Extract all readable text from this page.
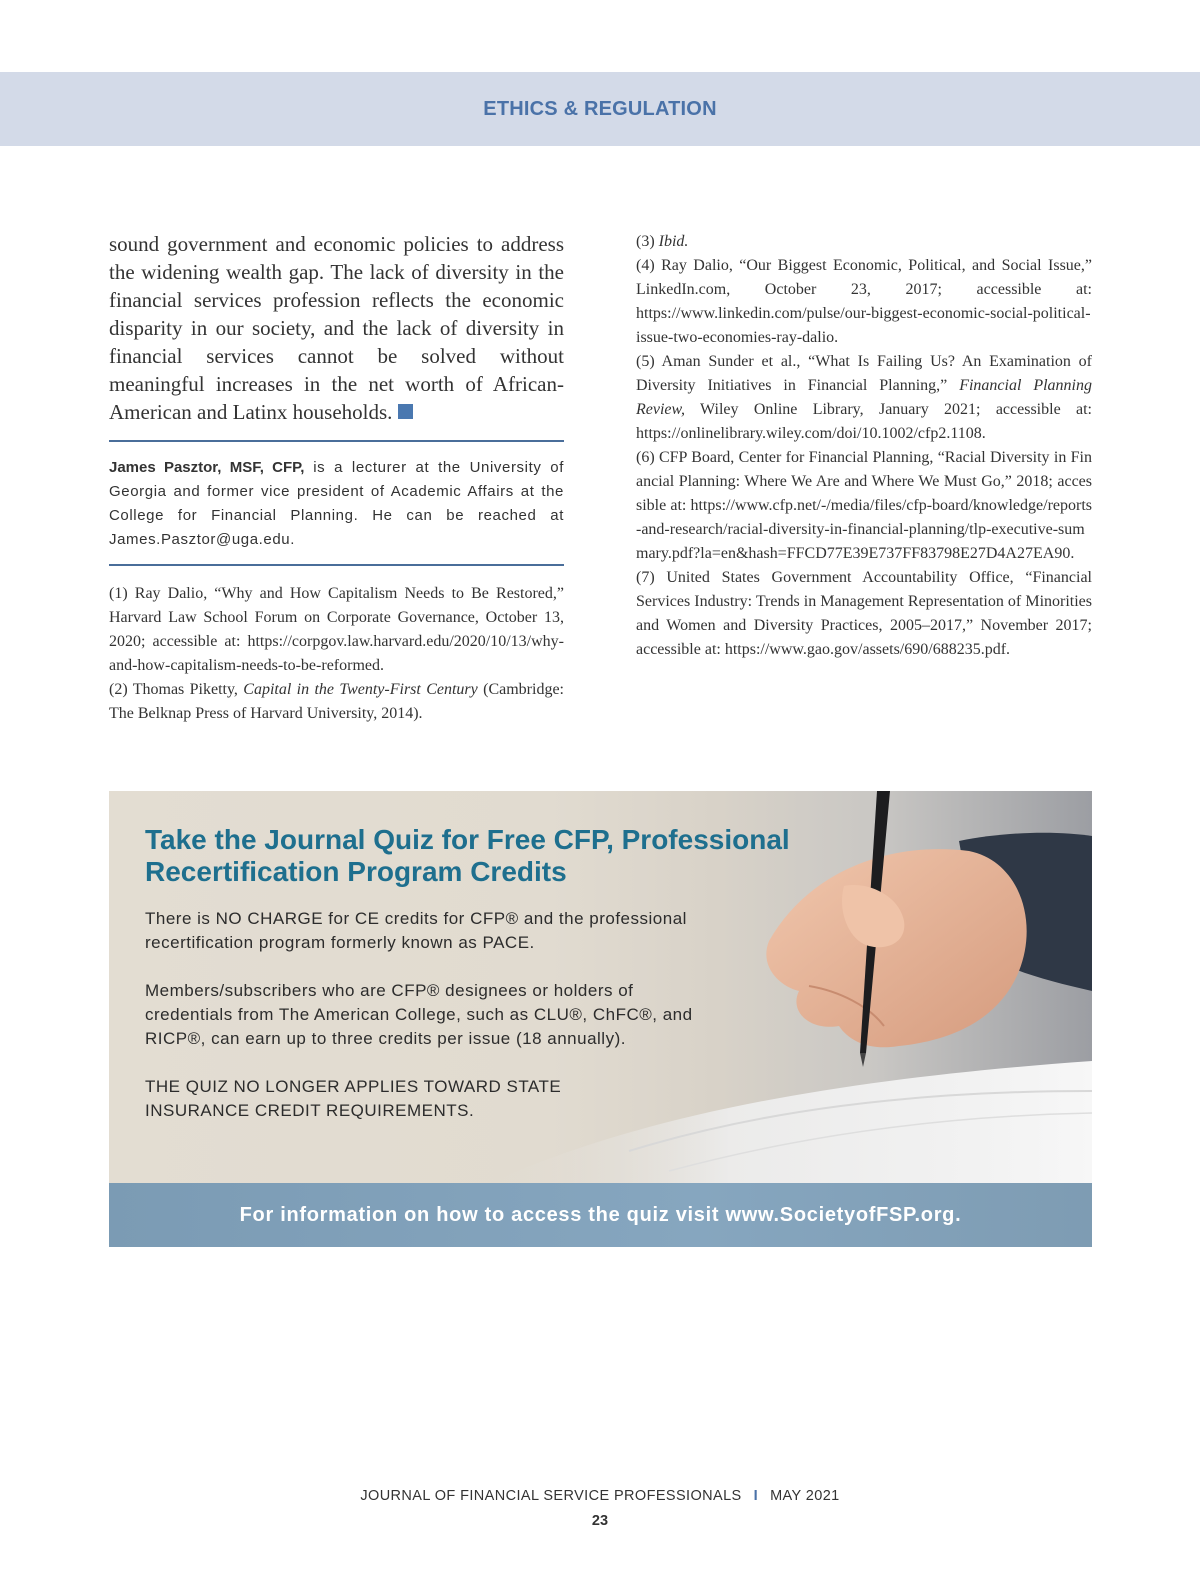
ETHICS & REGULATION

sound government and economic policies to address the widening wealth gap. The lack of diversity in the financial services profession reflects the economic disparity in our society, and the lack of diversity in financial services cannot be solved without meaningful increases in the net worth of African-American and Latinx households.

James Pasztor, MSF, CFP, is a lecturer at the University of Georgia and former vice president of Academic Affairs at the College for Financial Planning. He can be reached at James.Pasztor@uga.edu.

(1) Ray Dalio, “Why and How Capitalism Needs to Be Restored,” Harvard Law School Forum on Corporate Governance, October 13, 2020; accessible at: https://corpgov.law.harvard.edu/2020/10/13/why-and-how-capitalism-needs-to-be-reformed.

(2) Thomas Piketty, Capital in the Twenty-First Century (Cambridge: The Belknap Press of Harvard University, 2014).

(3) Ibid.

(4) Ray Dalio, “Our Biggest Economic, Political, and Social Issue,” LinkedIn.com, October 23, 2017; accessible at: https://www.linkedin.com/pulse/our-biggest-economic-social-political-issue-two-economies-ray-dalio.

(5) Aman Sunder et al., “What Is Failing Us? An Examination of Diversity Initiatives in Financial Planning,” Financial Planning Review, Wiley Online Library, January 2021; accessible at: https://onlinelibrary.wiley.com/doi/10.1002/cfp2.1108.

(6) CFP Board, Center for Financial Planning, “Racial Diversity in Financial Planning: Where We Are and Where We Must Go,” 2018; accessible at: https://www.cfp.net/-/media/files/cfp-board/knowledge/reports-and-research/racial-diversity-in-financial-planning/tlp-executive-summary.pdf?la=en&hash=FFCD77E39E737FF83798E27D4A27EA90.

(7) United States Government Accountability Office, “Financial Services Industry: Trends in Management Representation of Minorities and Women and Diversity Practices, 2005–2017,” November 2017; accessible at: https://www.gao.gov/assets/690/688235.pdf.

Take the Journal Quiz for Free CFP, Professional Recertification Program Credits

There is NO CHARGE for CE credits for CFP® and the professional recertification program formerly known as PACE.

Members/subscribers who are CFP® designees or holders of credentials from The American College, such as CLU®, ChFC®, and RICP®, can earn up to three credits per issue (18 annually).

THE QUIZ NO LONGER APPLIES TOWARD STATE INSURANCE CREDIT REQUIREMENTS.

For information on how to access the quiz visit www.SocietyofFSP.org.
JOURNAL OF FINANCIAL SERVICE PROFESSIONALS I MAY 2021
23
